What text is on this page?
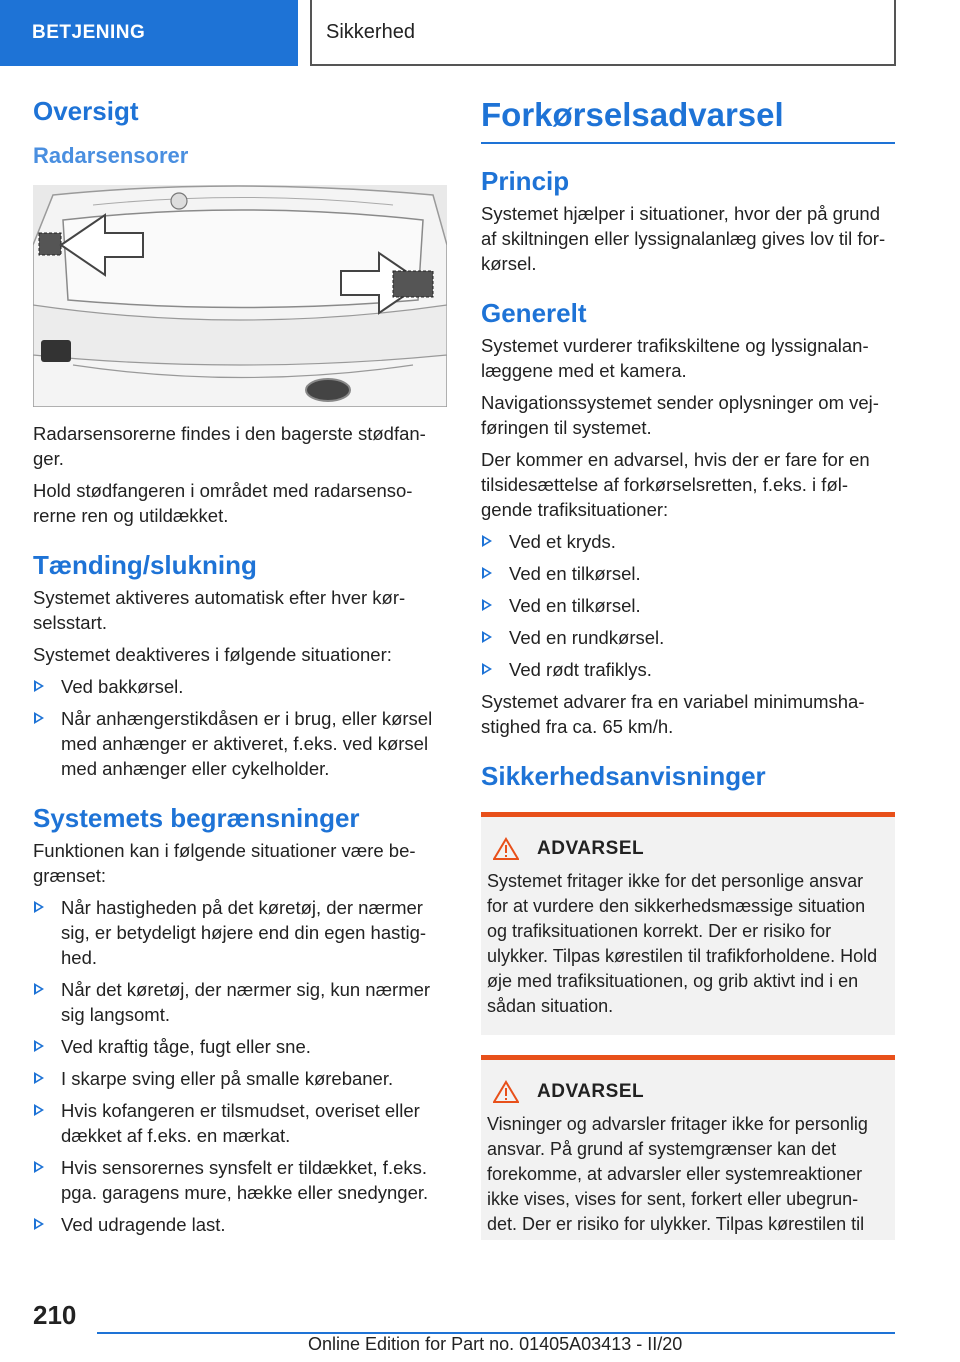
BETJENING	Sikkerhed
Oversigt
Radarsensorer

Radarsensorerne findes i den bagerste stødfan-ger.

Hold stødfangeren i området med radarsenso-rerne ren og utildækket.

Tænding/slukning

Systemet aktiveres automatisk efter hver kør-selsstart.

Systemet deaktiveres i følgende situationer:

Ved bakkørsel.
Når anhængerstikdåsen er i brug, eller kørsel med anhænger er aktiveret, f.eks. ved kørsel med anhænger eller cykelholder.
Systemets begrænsninger

Funktionen kan i følgende situationer være be-grænset:

Når hastigheden på det køretøj, der nærmer sig, er betydeligt højere end din egen hastig-hed.
Når det køretøj, der nærmer sig, kun nærmer sig langsomt.
Ved kraftig tåge, fugt eller sne.
I skarpe sving eller på smalle kørebaner.
Hvis kofangeren er tilsmudset, overiset eller dækket af f.eks. en mærkat.
Hvis sensorernes synsfelt er tildækket, f.eks. pga. garagens mure, hække eller snedynger.
Ved udragende last.
Forkørselsadvarsel
Princip

Systemet hjælper i situationer, hvor der på grund af skiltningen eller lyssignalanlæg gives lov til for-kørsel.

Generelt

Systemet vurderer trafikskiltene og lyssignalan-læggene med et kamera.

Navigationssystemet sender oplysninger om vej-føringen til systemet.

Der kommer en advarsel, hvis der er fare for en tilsidesættelse af forkørselsretten, f.eks. i føl-gende trafiksituationer:

Ved et kryds.
Ved en tilkørsel.
Ved en tilkørsel.
Ved en rundkørsel.
Ved rødt trafiklys.

Systemet advarer fra en variabel minimumsha-stighed fra ca. 65 km/h.

Sikkerhedsanvisninger
ADVARSEL

Systemet fritager ikke for det personlige ansvar for at vurdere den sikkerhedsmæssige situation og trafiksituationen korrekt. Der er risiko for ulykker. Tilpas kørestilen til trafikforholdene. Hold øje med trafiksituationen, og grib aktivt ind i en sådan situation.

ADVARSEL

Visninger og advarsler fritager ikke for personlig ansvar. På grund af systemgrænser kan det forekomme, at advarsler eller systemreaktioner ikke vises, vises for sent, forkert eller ubegrun-det. Der er risiko for ulykker. Tilpas kørestilen til

210
Online Edition for Part no. 01405A03413 - II/20
